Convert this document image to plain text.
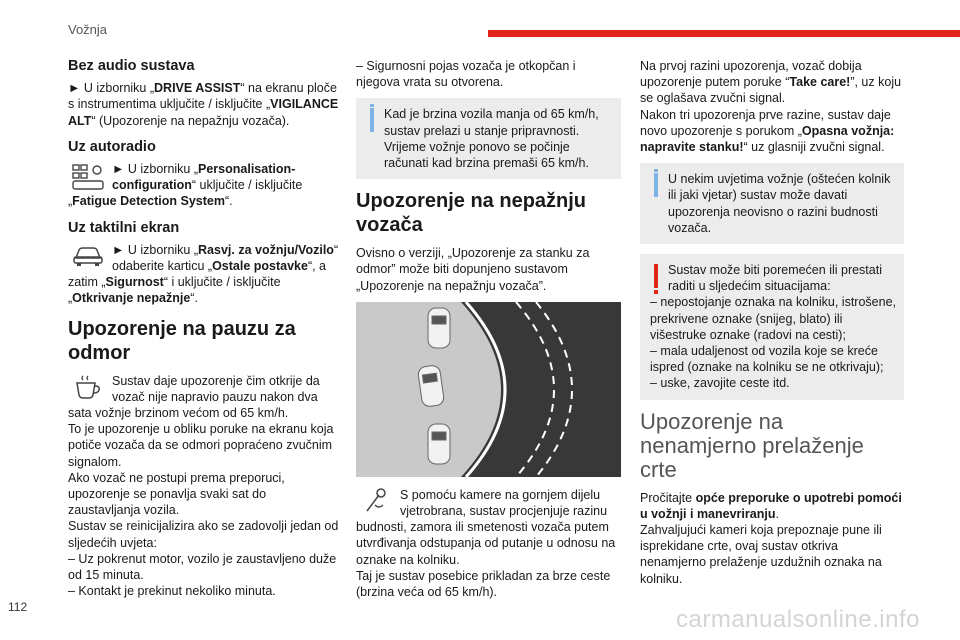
Vožnja
Bez audio sustava

► U izborniku „DRIVE ASSIST“ na ekranu ploče s instrumentima uključite / isključite „VIGILANCE ALT“ (Upozorenje na nepažnju vozača).

Uz autoradio

► U izborniku „Personalisation-configuration“ uključite / isključite „Fatigue Detection System“.

Uz taktilni ekran

► U izborniku „Rasvj. za vožnju/Vozilo“ odaberite karticu „Ostale postavke“, a zatim „Sigurnost“ i uključite / isključite „Otkrivanje nepažnje“.

Upozorenje na pauzu za odmor

Sustav daje upozorenje čim otkrije da vozač nije napravio pauzu nakon dva sata vožnje brzinom većom od 65 km/h.

To je upozorenje u obliku poruke na ekranu koja potiče vozača da se odmori popraćeno zvučnim signalom.

Ako vozač ne postupi prema preporuci, upozorenje se ponavlja svaki sat do zaustavljanja vozila.

Sustav se reinicijalizira ako se zadovolji jedan od sljedećih uvjeta:

– Uz pokrenut motor, vozilo je zaustavljeno duže od 15 minuta.

– Kontakt je prekinut nekoliko minuta.

– Sigurnosni pojas vozača je otkopčan i njegova vrata su otvorena.

Kad je brzina vozila manja od 65 km/h, sustav prelazi u stanje pripravnosti. Vrijeme vožnje ponovo se počinje računati kad brzina premaši 65 km/h.

Upozorenje na nepažnju vozača

Ovisno o verziji, „Upozorenje za stanku za odmor” može biti dopunjeno sustavom „Upozorenje na nepažnju vozača”.

S pomoću kamere na gornjem dijelu vjetrobrana, sustav procjenjuje razinu budnosti, zamora ili smetenosti vozača putem utvrđivanja odstupanja od putanje u odnosu na oznake na kolniku.

Taj je sustav posebice prikladan za brze ceste (brzina veća od 65 km/h).

Na prvoj razini upozorenja, vozač dobija upozorenje putem poruke “Take care!”, uz koju se oglašava zvučni signal.

Nakon tri upozorenja prve razine, sustav daje novo upozorenje s porukom „Opasna vožnja: napravite stanku!“ uz glasniji zvučni signal.

U nekim uvjetima vožnje (oštećen kolnik ili jaki vjetar) sustav može davati upozorenja neovisno o razini budnosti vozača.

Sustav može biti poremećen ili prestati raditi u sljedećim situacijama:

– nepostojanje oznaka na kolniku, istrošene, prekrivene oznake (snijeg, blato) ili višestruke oznake (radovi na cesti);

– mala udaljenost od vozila koje se kreće ispred (oznake na kolniku se ne otkrivaju);

– uske, zavojite ceste itd.

Upozorenje na nenamjerno prelaženje crte

Pročitajte opće preporuke o upotrebi pomoći u vožnji i manevriranju.

Zahvaljujući kameri koja prepoznaje pune ili isprekidane crte, ovaj sustav otkriva nenamjerno prelaženje uzdužnih oznaka na kolniku.

112	carmanualsonline.info
